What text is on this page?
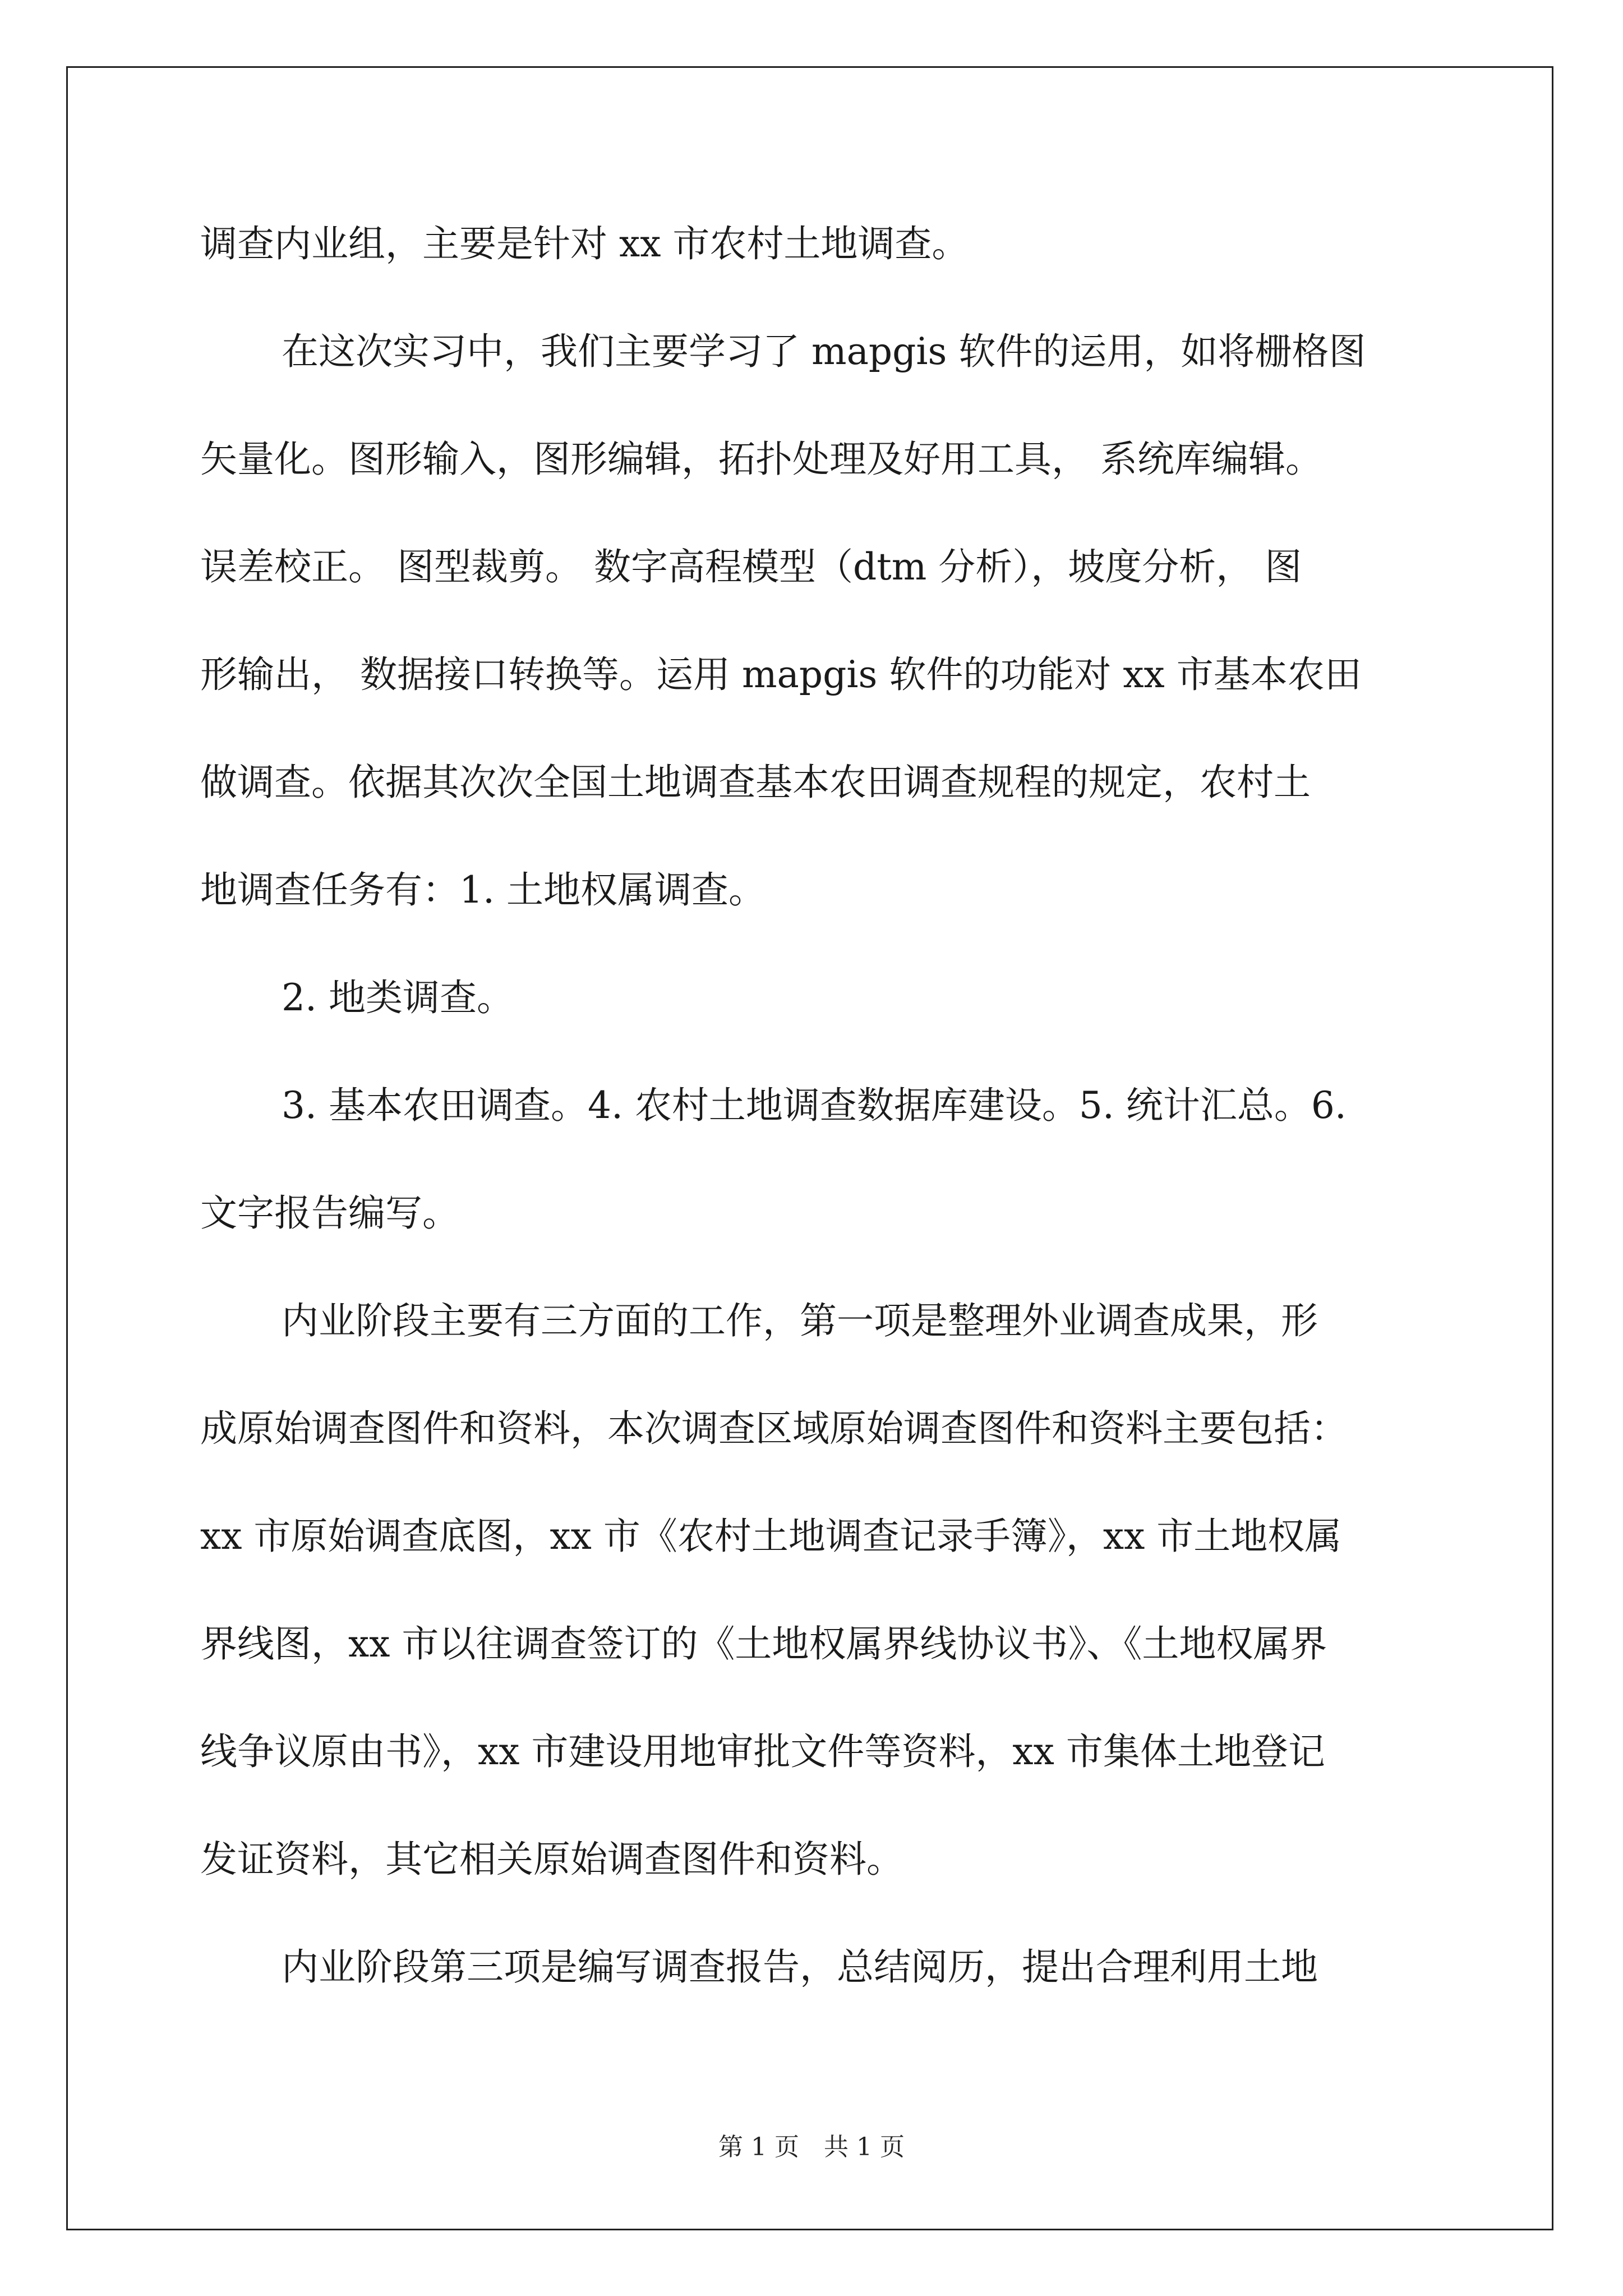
调查内业组，主要是针对 xx 市农村土地调查。
在这次实习中，我们主要学习了 mapgis 软件的运用，如将栅格图
矢量化。图形输入，图形编辑，拓扑处理及好用工具， 系统库编辑。
误差校正。 图型裁剪。 数字高程模型（dtm 分析），坡度分析， 图
形输出， 数据接口转换等。运用 mapgis 软件的功能对 xx 市基本农田
做调查。依据其次次全国土地调查基本农田调查规程的规定，农村土
地调查任务有：1. 土地权属调查。
2. 地类调查。
3. 基本农田调查。4. 农村土地调查数据库建设。5. 统计汇总。6.
文字报告编写。
内业阶段主要有三方面的工作，第一项是整理外业调查成果，形
成原始调查图件和资料，本次调查区域原始调查图件和资料主要包括：
xx 市原始调查底图，xx 市《农村土地调查记录手簿》，xx 市土地权属
界线图，xx 市以往调查签订的《土地权属界线协议书》、《土地权属界
线争议原由书》，xx 市建设用地审批文件等资料，xx 市集体土地登记
发证资料，其它相关原始调查图件和资料。
内业阶段第三项是编写调查报告，总结阅历，提出合理利用土地
第 1 页　共 1 页
